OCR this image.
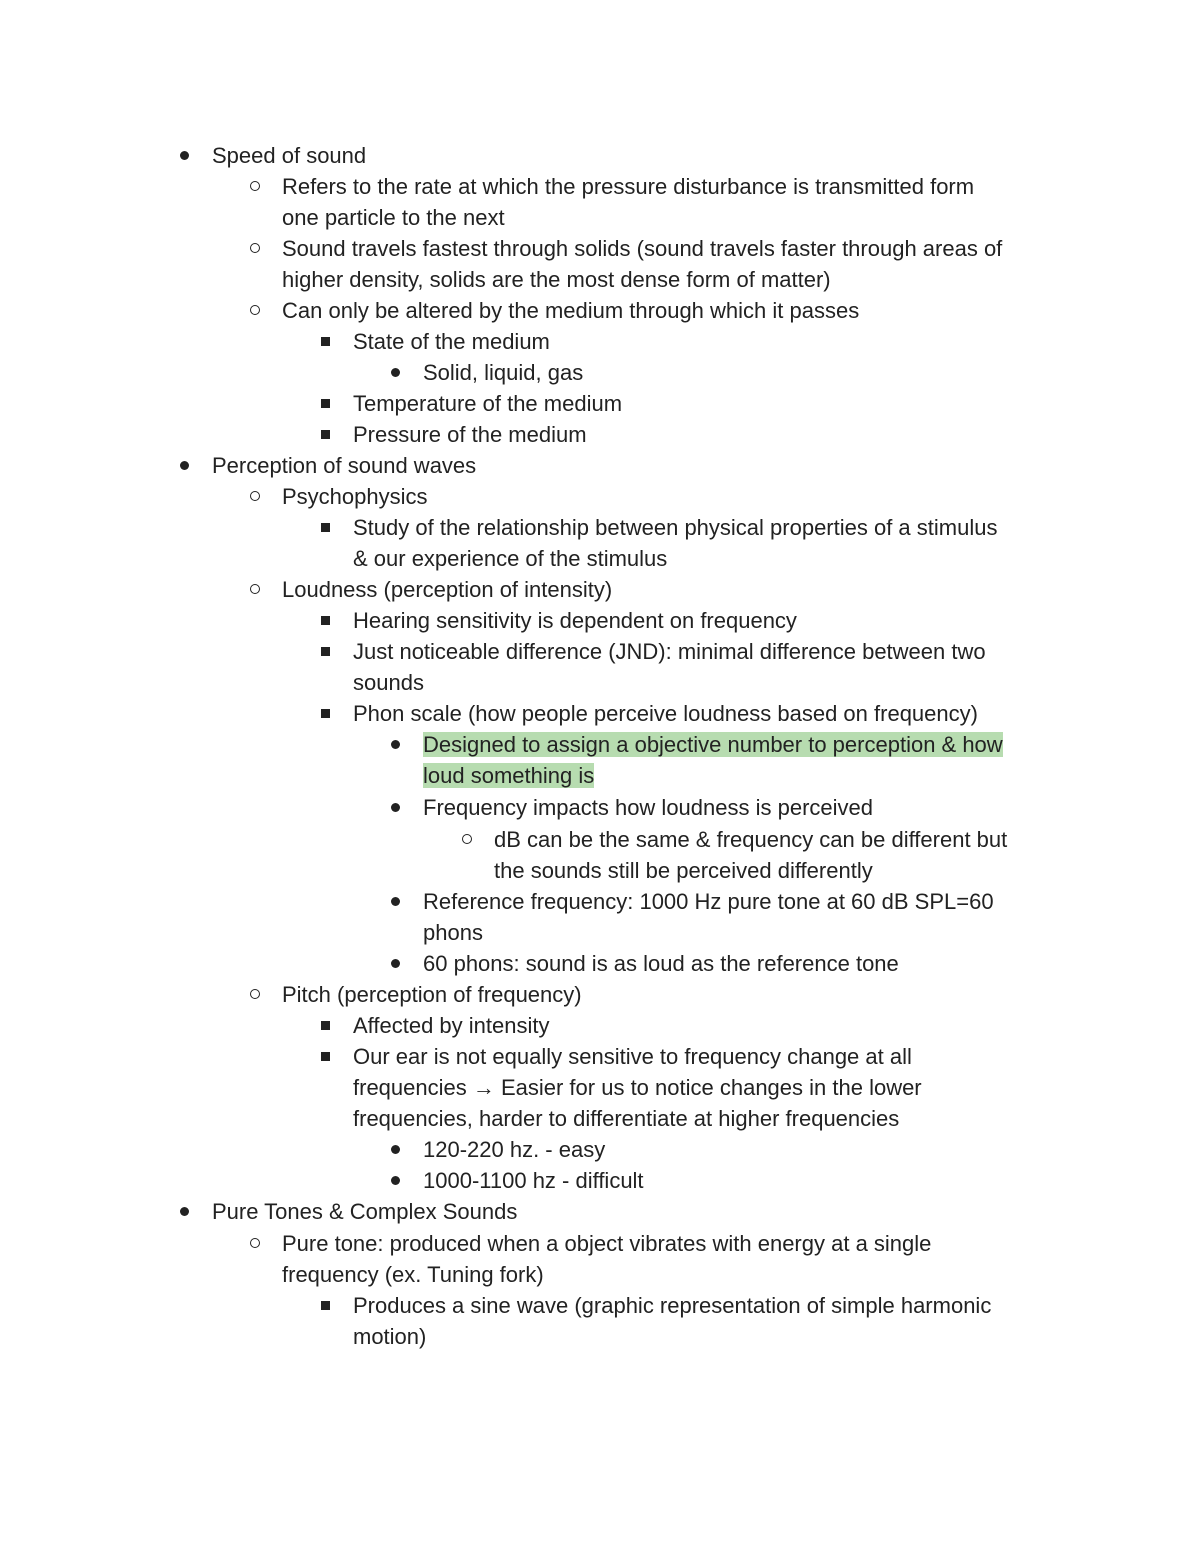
Speed of sound
Refers to the rate at which the pressure disturbance is transmitted form
one particle to the next
Sound travels fastest through solids (sound travels faster through areas of
higher density, solids are the most dense form of matter)
Can only be altered by the medium through which it passes
State of the medium
Solid, liquid, gas
Temperature of the medium
Pressure of the medium
Perception of sound waves
Psychophysics
Study of the relationship between physical properties of a stimulus
& our experience of the stimulus
Loudness (perception of intensity)
Hearing sensitivity is dependent on frequency
Just noticeable difference (JND): minimal difference between two
sounds
Phon scale (how people perceive loudness based on frequency)
Designed to assign a objective number to perception & how
loud something is
Frequency impacts how loudness is perceived
dB can be the same & frequency can be different but
the sounds still be perceived differently
Reference frequency: 1000 Hz pure tone at 60 dB SPL=60
phons
60 phons: sound is as loud as the reference tone
Pitch (perception of frequency)
Affected by intensity
Our ear is not equally sensitive to frequency change at all
frequencies → Easier for us to notice changes in the lower
frequencies, harder to differentiate at higher frequencies
120-220 hz. - easy
1000-1100 hz - difficult
Pure Tones & Complex Sounds
Pure tone: produced when a object vibrates with energy at a single
frequency (ex. Tuning fork)
Produces a sine wave (graphic representation of simple harmonic
motion)
